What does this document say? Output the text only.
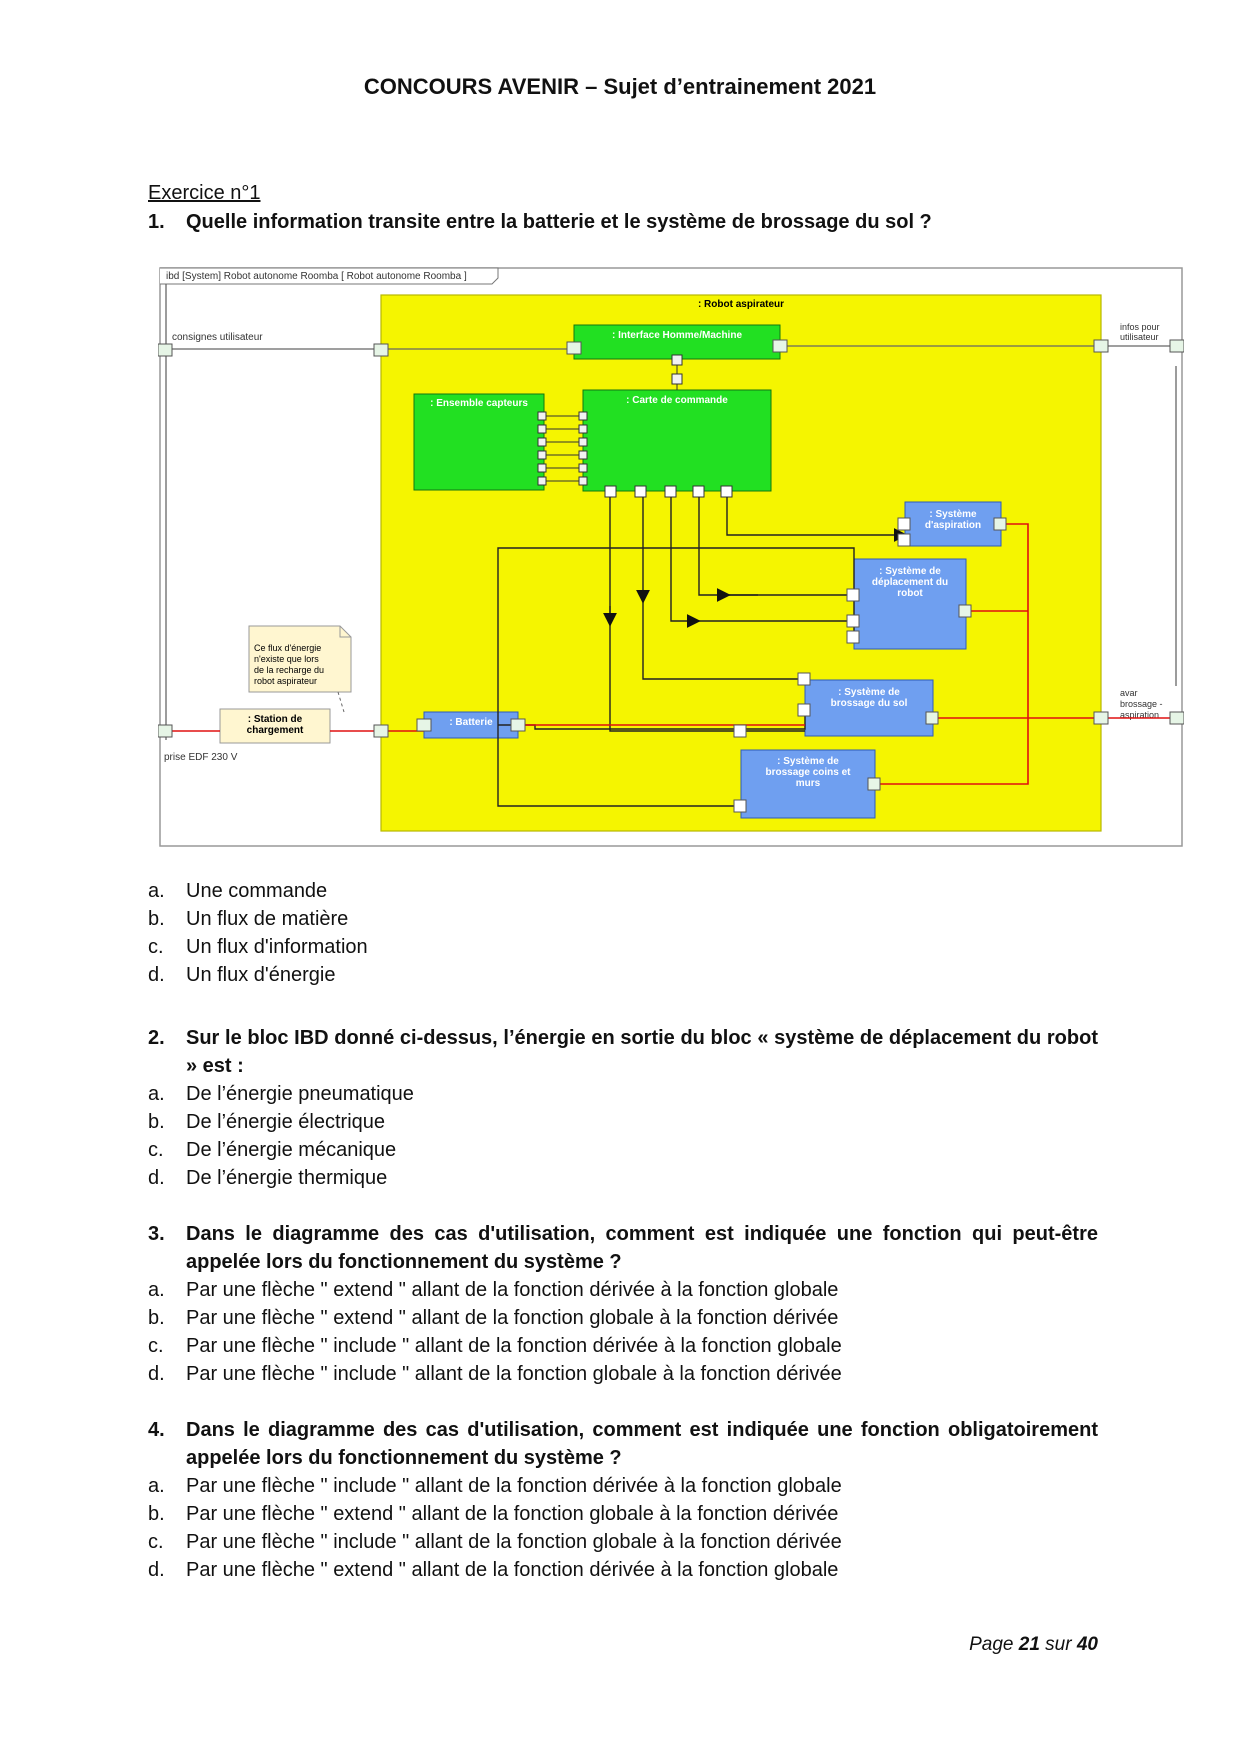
CONCOURS AVENIR – Sujet d’entrainement 2021
Exercice n°1
1. Quelle information transite entre la batterie et le système de brossage du sol ?
ibd [System] Robot autonome Roomba [ Robot autonome Roomba ]
: Robot aspirateur
: Interface Homme/Machine
: Ensemble capteurs	: Carte de commande
: Système
d'aspiration
: Système de
déplacement du
robot
: Système de
brossage du sol
: Système de
brossage coins et
murs
: Batterie
: Station de
chargement
Ce flux d'énergie
n'existe que lors
de la recharge du
robot aspirateur
consignes utilisateur
infos pour
utilisateur
avar
brossage -
aspiration
prise EDF 230 V
a. Une commande
b. Un flux de matière
c. Un flux d'information
d. Un flux d'énergie
2. Sur le bloc IBD donné ci-dessus, l’énergie en sortie du bloc « système de déplacement du robot » est :
a. De l’énergie pneumatique
b. De l’énergie électrique
c. De l’énergie mécanique
d. De l’énergie thermique
3. Dans le diagramme des cas d'utilisation, comment est indiquée une fonction qui peut-être appelée lors du fonctionnement du système ?
a. Par une flèche " extend " allant de la fonction dérivée à la fonction globale
b. Par une flèche " extend " allant de la fonction globale à la fonction dérivée
c. Par une flèche " include " allant de la fonction dérivée à la fonction globale
d. Par une flèche " include " allant de la fonction globale à la fonction dérivée
4. Dans le diagramme des cas d'utilisation, comment est indiquée une fonction obligatoirement appelée lors du fonctionnement du système ?
a. Par une flèche " include " allant de la fonction dérivée à la fonction globale
b. Par une flèche " extend " allant de la fonction globale à la fonction dérivée
c. Par une flèche " include " allant de la fonction globale à la fonction dérivée
d. Par une flèche " extend " allant de la fonction dérivée à la fonction globale
Page 21 sur 40
